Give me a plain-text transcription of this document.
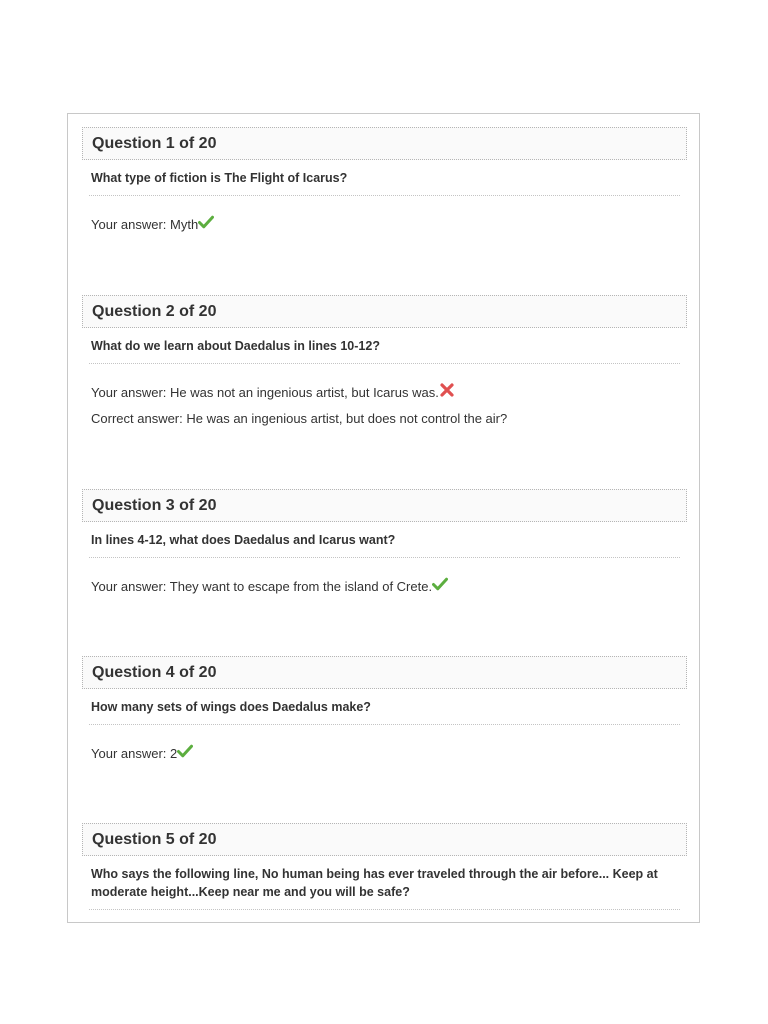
Question 1 of 20
What type of fiction is The Flight of Icarus?
Your answer: Myth
Question 2 of 20
What do we learn about Daedalus in lines 10-12?
Your answer: He was not an ingenious artist, but Icarus was.
Correct answer: He was an ingenious artist, but does not control the air?
Question 3 of 20
In lines 4-12, what does Daedalus and Icarus want?
Your answer: They want to escape from the island of Crete.
Question 4 of 20
How many sets of wings does Daedalus make?
Your answer: 2
Question 5 of 20
Who says the following line, No human being has ever traveled through the air before... Keep at moderate height...Keep near me and you will be safe?
